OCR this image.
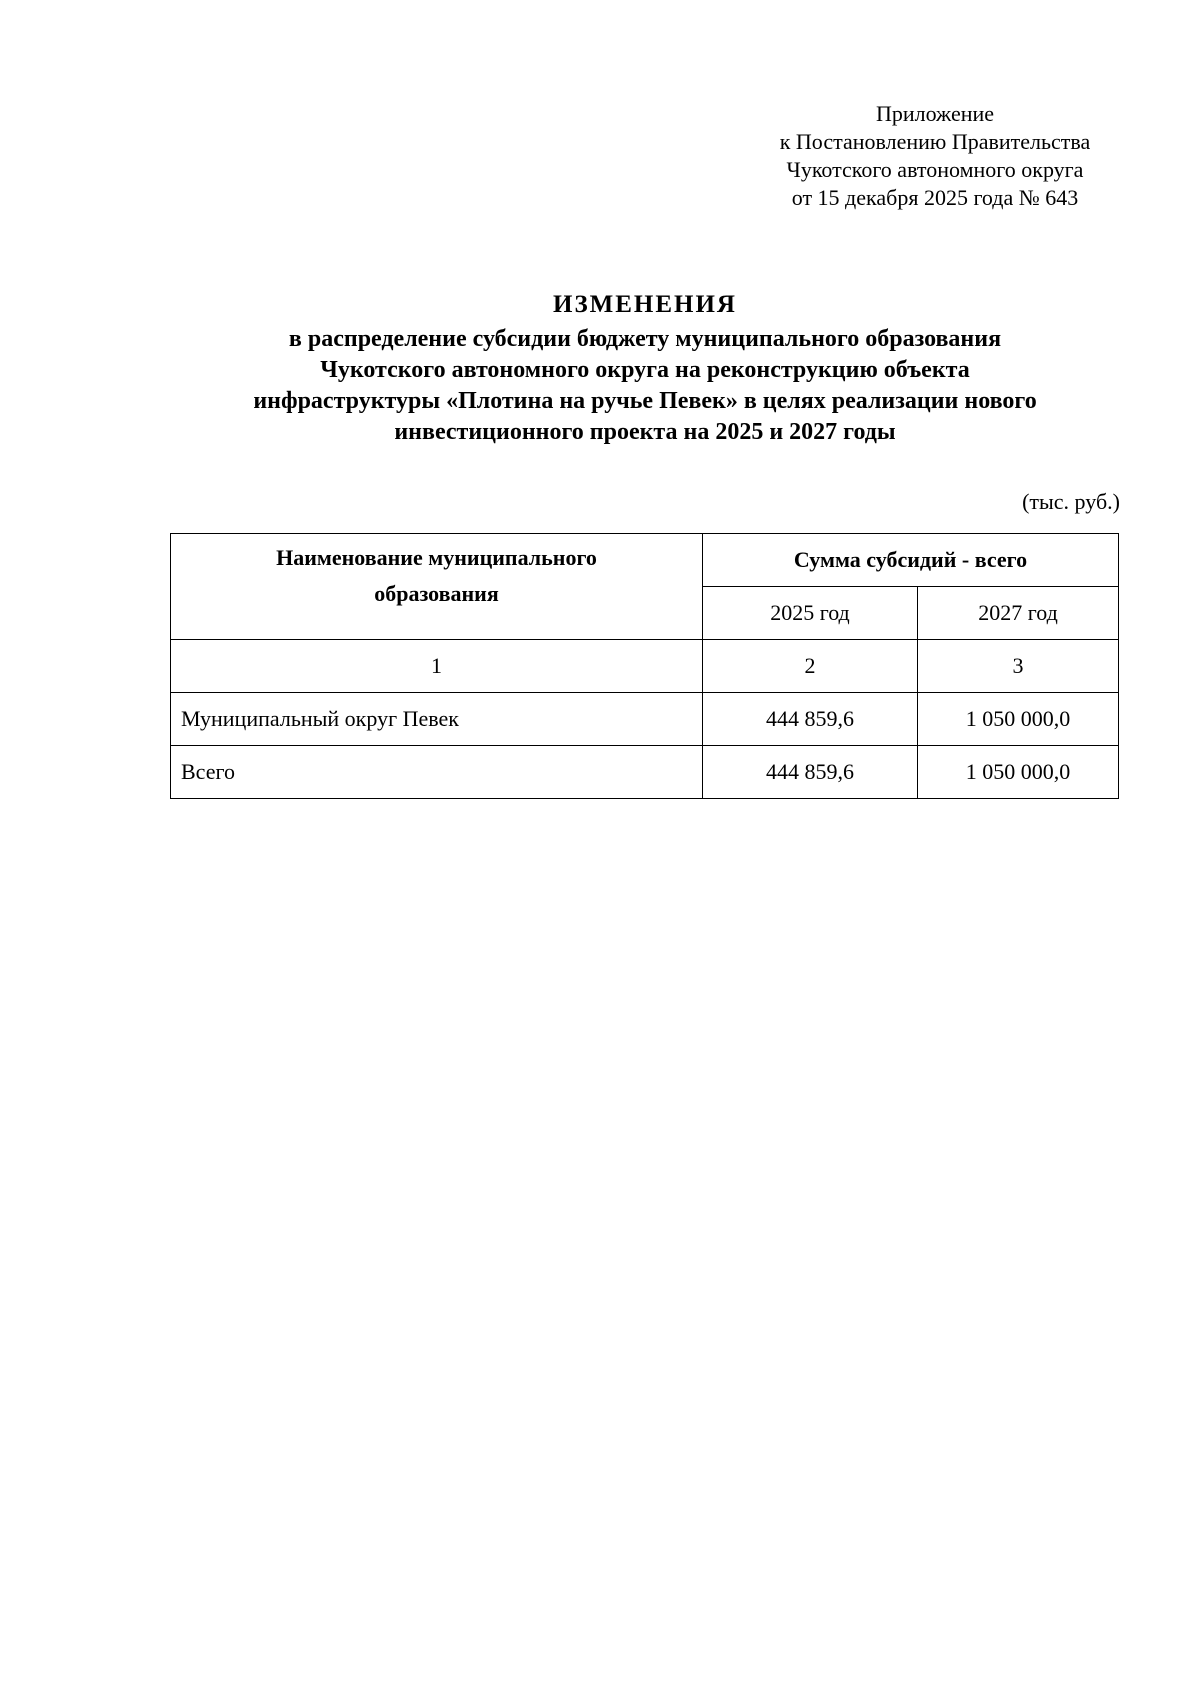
Приложение
к Постановлению Правительства
Чукотского автономного округа
от 15 декабря 2025 года № 643
ИЗМЕНЕНИЯ
в распределение субсидии бюджету муниципального образования
Чукотского автономного округа на реконструкцию объекта
инфраструктуры «Плотина на ручье Певек» в целях реализации нового
инвестиционного проекта на 2025 и 2027 годы
(тыс. руб.)
Наименование муниципального
образования	Сумма субсидий - всего	
	2025 год	2027 год
1	2	3
Муниципальный округ Певек	444 859,6	1 050 000,0
Всего	444 859,6	1 050 000,0
